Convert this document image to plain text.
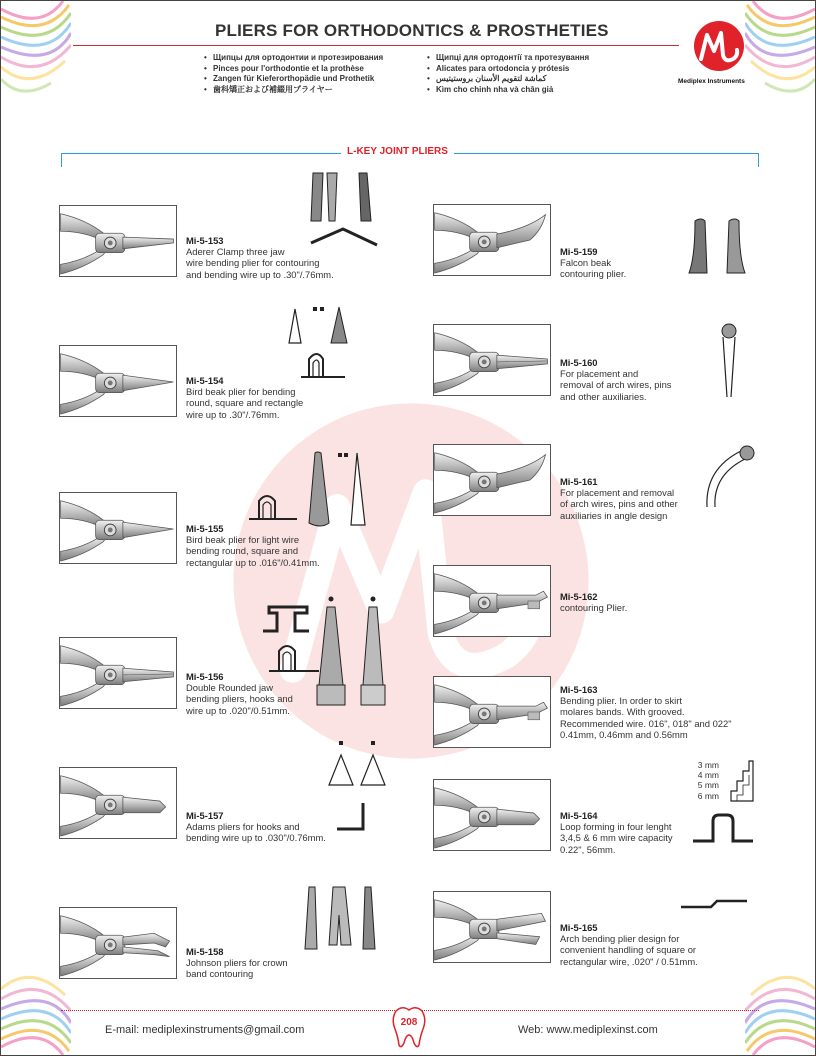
PLIERS FOR ORTHODONTICS & PROSTHETIES
• Щипцы для ортодонтии и протезирования
• Pinces pour l'orthodontie et la prothèse
• Zangen für Kieferorthopädie und Prothetik
• 歯科矯正および補綴用プライヤー
• Щипці для ортодонтії та протезування
• Alicates para ortodoncia y prótesis
• كماشة لتقويم الأسنان بروستيتيس
• Kìm cho chỉnh nha và chân giả
Mediplex Instruments
L-KEY JOINT PLIERS
Mi-5-153
Aderer Clamp three jaw
wire bending plier for contouring
and bending wire up to .30"/.76mm.
Mi-5-154
Bird beak plier for bending
round, square and rectangle
wire up to .30"/.76mm.
Mi-5-155
Bird beak plier for light wire
bending round, square and
rectangular up to .016"/0.41mm.
Mi-5-156
Double Rounded jaw
bending pliers, hooks and
wire up to .020"/0.51mm.
Mi-5-157
Adams pliers for hooks and
bending wire up to .030"/0.76mm.
Mi-5-158
Johnson pliers for crown
band contouring
Mi-5-159
Falcon beak
contouring plier.
Mi-5-160
For placement and
removal of arch wires, pins
and other auxiliaries.
Mi-5-161
For placement and removal
of arch wires, pins and other
auxiliaries in angle design
Mi-5-162
contouring Plier.
Mi-5-163
Bending plier. In order to skirt
molares bands. With grooved.
Recommended wire. 016", 018" and 022"
0.41mm, 0.46mm and 0.56mm
Mi-5-164
Loop forming in four lenght
3,4,5 & 6 mm wire capacity
0.22", 56mm.
3 mm
4 mm
5 mm
6 mm
Mi-5-165
Arch bending plier design for
convenient handling of square or
rectangular wire, .020" / 0.51mm.
E-mail: mediplexinstruments@gmail.com	Web: www.mediplexinst.com
208
